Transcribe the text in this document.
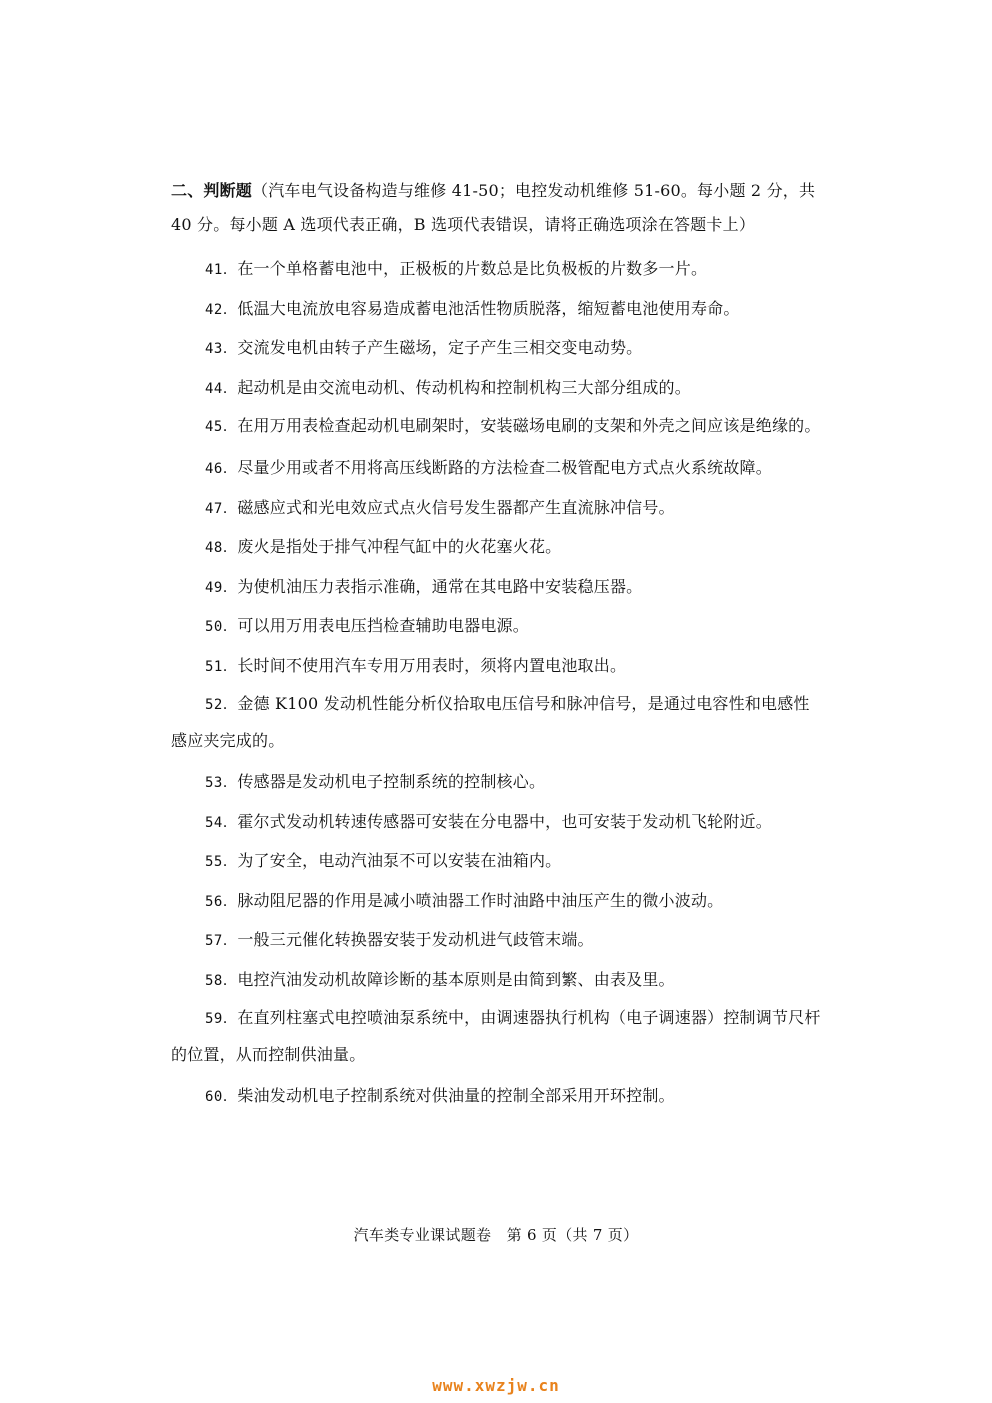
二、判断题（汽车电气设备构造与维修 41-50；电控发动机维修 51-60。每小题 2 分，共 40 分。每小题 A 选项代表正确，B 选项代表错误，请将正确选项涂在答题卡上）
41．在一个单格蓄电池中，正极板的片数总是比负极板的片数多一片。
42．低温大电流放电容易造成蓄电池活性物质脱落，缩短蓄电池使用寿命。
43．交流发电机由转子产生磁场，定子产生三相交变电动势。
44．起动机是由交流电动机、传动机构和控制机构三大部分组成的。
45．在用万用表检查起动机电刷架时，安装磁场电刷的支架和外壳之间应该是绝缘的。
46．尽量少用或者不用将高压线断路的方法检查二极管配电方式点火系统故障。
47．磁感应式和光电效应式点火信号发生器都产生直流脉冲信号。
48．废火是指处于排气冲程气缸中的火花塞火花。
49．为使机油压力表指示准确，通常在其电路中安装稳压器。
50．可以用万用表电压挡检查辅助电器电源。
51．长时间不使用汽车专用万用表时，须将内置电池取出。
52．金德 K100 发动机性能分析仪拾取电压信号和脉冲信号，是通过电容性和电感性感应夹完成的。
53．传感器是发动机电子控制系统的控制核心。
54．霍尔式发动机转速传感器可安装在分电器中，也可安装于发动机飞轮附近。
55．为了安全，电动汽油泵不可以安装在油箱内。
56．脉动阻尼器的作用是减小喷油器工作时油路中油压产生的微小波动。
57．一般三元催化转换器安装于发动机进气歧管末端。
58．电控汽油发动机故障诊断的基本原则是由简到繁、由表及里。
59．在直列柱塞式电控喷油泵系统中，由调速器执行机构（电子调速器）控制调节尺杆的位置，从而控制供油量。
60．柴油发动机电子控制系统对供油量的控制全部采用开环控制。
汽车类专业课试题卷　第 6 页（共 7 页）
www.xwzjw.cn
